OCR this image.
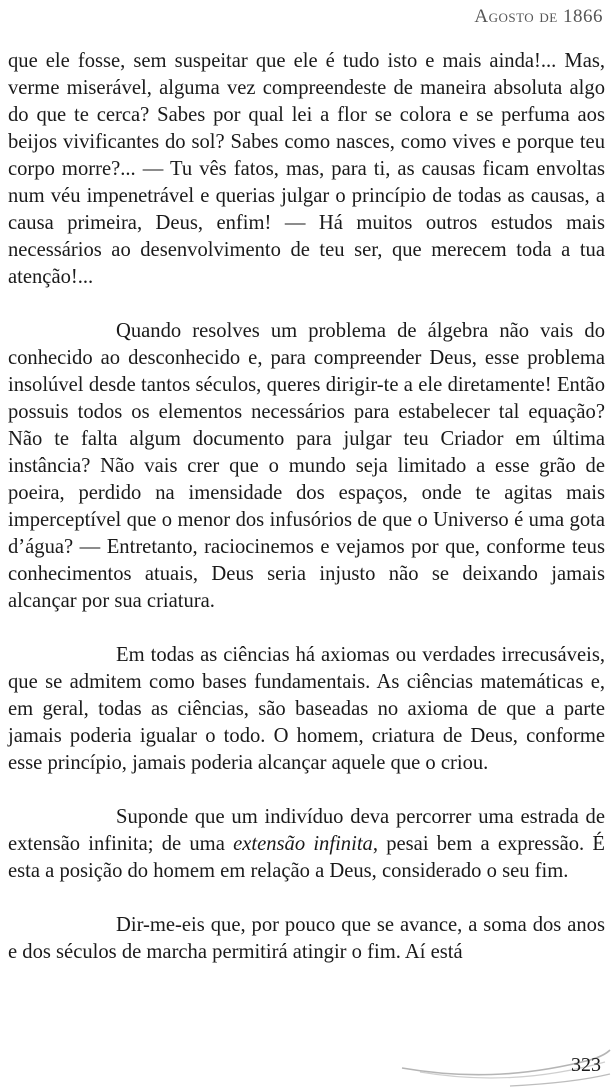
Agosto de 1866

que ele fosse, sem suspeitar que ele é tudo isto e mais ainda!... Mas, verme miserável, alguma vez compreendeste de maneira absoluta algo do que te cerca? Sabes por qual lei a flor se colora e se perfuma aos beijos vivificantes do sol? Sabes como nasces, como vives e porque teu corpo morre?... — Tu vês fatos, mas, para ti, as causas ficam envoltas num véu impenetrável e querias julgar o princípio de todas as causas, a causa primeira, Deus, enfim! — Há muitos outros estudos mais necessários ao desenvolvimento de teu ser, que merecem toda a tua atenção!...

Quando resolves um problema de álgebra não vais do conhecido ao desconhecido e, para compreender Deus, esse problema insolúvel desde tantos séculos, queres dirigir-te a ele diretamente! Então possuis todos os elementos necessários para estabelecer tal equação? Não te falta algum documento para julgar teu Criador em última instância? Não vais crer que o mundo seja limitado a esse grão de poeira, perdido na imensidade dos espaços, onde te agitas mais imperceptível que o menor dos infusórios de que o Universo é uma gota d’água? — Entretanto, raciocinemos e vejamos por que, conforme teus conhecimentos atuais, Deus seria injusto não se deixando jamais alcançar por sua criatura.

Em todas as ciências há axiomas ou verdades irrecusáveis, que se admitem como bases fundamentais. As ciências matemáticas e, em geral, todas as ciências, são baseadas no axioma de que a parte jamais poderia igualar o todo. O homem, criatura de Deus, conforme esse princípio, jamais poderia alcançar aquele que o criou.

Suponde que um indivíduo deva percorrer uma estrada de extensão infinita; de uma extensão infinita, pesai bem a expressão. É esta a posição do homem em relação a Deus, considerado o seu fim.

Dir-me-eis que, por pouco que se avance, a soma dos anos e dos séculos de marcha permitirá atingir o fim. Aí está

323
